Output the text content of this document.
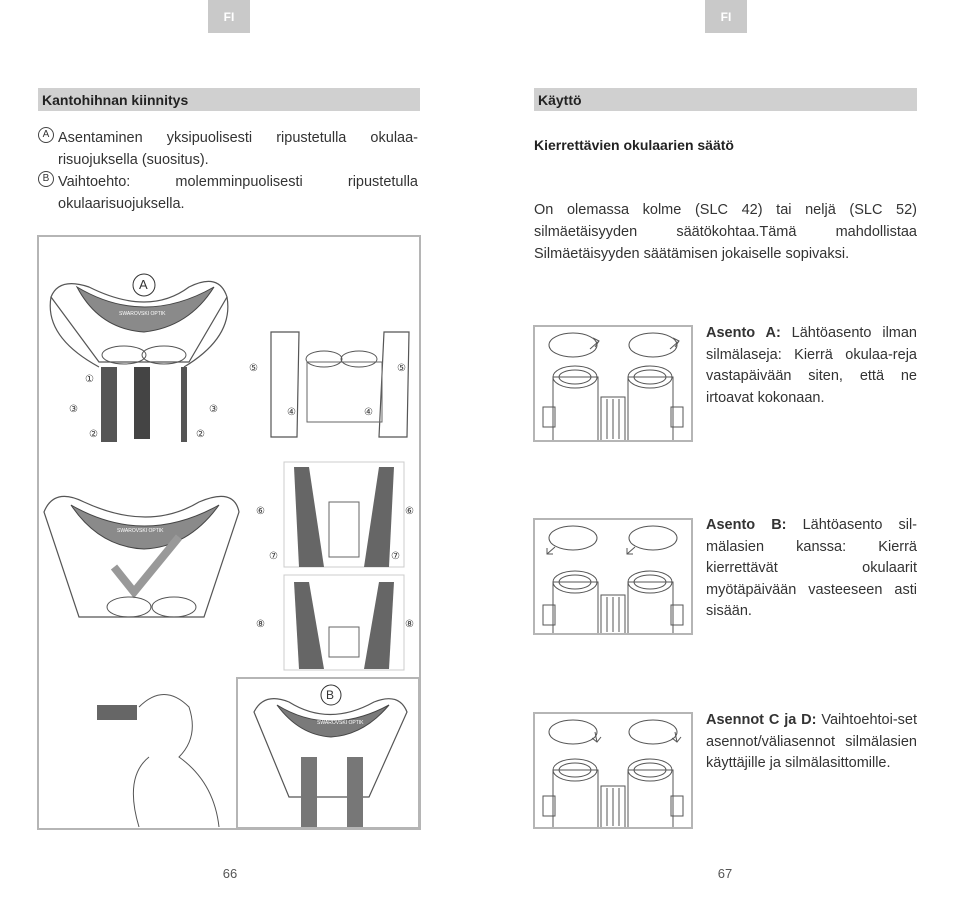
FI
Kantohihnan kiinnitys
A Asentaminen yksipuolisesti ripustetulla okulaa-risuojuksella (suositus).
B Vaihtoehto: molemminpuolisesti ripustetulla okulaarisuojuksella.
A
SWAROVSKI OPTIK
①
③
②
③
②
⑤	⑤
④	④
SWAROVSKI OPTIK
⑥	⑥
⑦	⑦
⑧	⑧
B
SWAROVSKI OPTIK
66
FI
Käyttö
Kierrettävien okulaarien säätö
On olemassa kolme (SLC 42) tai neljä (SLC 52) silmäetäisyyden säätökohtaa.Tämä mahdollistaa Silmäetäisyyden säätämisen jokaiselle sopivaksi.
Asento A: Lähtöasento ilman silmälaseja: Kierrä okulaa-reja vastapäivään siten, että ne irtoavat kokonaan.
Asento B: Lähtöasento sil-mälasien kanssa: Kierrä kierrettävät okulaarit myötäpäivään vasteeseen asti sisään.
Asennot C ja D: Vaihtoehtoi-set asennot/väliasennot silmälasien käyttäjille ja silmälasittomille.
67
